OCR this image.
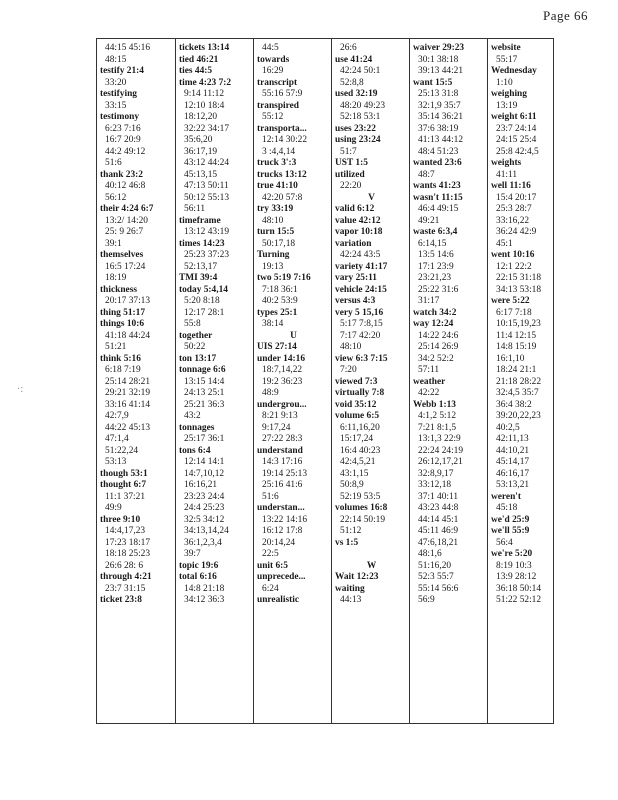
Page 66
·:
44:15 45:16
48:15
testify 21:4
33:20
testifying
33:15
testimony
6:23 7:16
16:7 20:9
44:2 49:12
51:6
thank 23:2
40:12 46:8
56:12
their 4:24 6:7
13:2/ 14:20
25: 9 26:7
39:1
themselves
16:5 17:24
18:19
thickness
20:17 37:13
thing 51:17
things 10:6
41:18 44:24
51:21
think 5:16
6:18 7:19
25:14 28:21
29:21 32:19
33:16 41:14
42:7,9
44:22 45:13
47:1,4
51:22,24
53:13
though 53:1
thought 6:7
11:1 37:21
49:9
three 9:10
14:4,17,23
17:23 18:17
18:18 25:23
26:6 28: 6
through 4:21
23:7 31:15
ticket 23:8
tickets 13:14
tied 46:21
ties 44:5
time 4:23 7:2
9:14 11:12
12:10 18:4
18:12,20
32:22 34:17
35:6,20
36:17,19
43:12 44:24
45:13,15
47:13 50:11
50:12 55:13
56:11
timeframe
13:12 43:19
times 14:23
25:23 37:23
52:13,17
TMI 39:4
today 5:4,14
5:20 8:18
12:17 28:1
55:8
together
50:22
ton 13:17
tonnage 6:6
13:15 14:4
24:13 25:1
25:21 36:3
43:2
tonnages
25:17 36:1
tons 6:4
12:14 14:1
14:7,10,12
16:16,21
23:23 24:4
24:4 25:23
32:5 34:12
34:13,14,24
36:1,2,3,4
39:7
topic 19:6
total 6:16
14:8 21:18
34:12 36:3
44:5
towards
16:29
transcript
55:16 57:9
transpired
55:12
transporta...
12:14 30:22
3 :4,4,14
truck 3':3
trucks 13:12
true 41:10
42:20 57:8
try 33:19
48:10
turn 15:5
50:17,18
Turning
19:13
two 5:19 7:16
7:18 36:1
40:2 53:9
types 25:1
38:14
U
UIS 27:14
under 14:16
18:7,14,22
19:2 36:23
48:9
undergrou...
8:21 9:13
9:17,24
27:22 28:3
understand
14:3 17:16
19:14 25:13
25:16 41:6
51:6
understan...
13:22 14:16
16:12 17:8
20:14,24
22:5
unit 6:5
unprecede...
6:24
unrealistic
26:6
use 41:24
42:24 50:1
52:8,8
used 32:19
48:20 49:23
52:18 53:1
uses 23:22
using 23:24
51:7
UST 1:5
utilized
22:20
V
valid 6:12
value 42:12
vapor 10:18
variation
42:24 43:5
variety 41:17
vary 25:11
vehicle 24:15
versus 4:3
very 5 15,16
5:17 7:8,15
7:17 42:20
48:10
view 6:3 7:15
7:20
viewed 7:3
virtually 7:8
void 35:12
volume 6:5
6:11,16,20
15:17,24
16:4 40:23
42:4,5,21
43:1,15
50:8,9
52:19 53:5
volumes 16:8
22:14 50:19
51:12
vs 1:5
W
Wait 12:23
waiting
44:13
waiver 29:23
30:1 38:18
39:13 44:21
want 15:5
25:13 31:8
32:1,9 35:7
35:14 36:21
37:6 38:19
41:13 44:12
48:4 51:23
wanted 23:6
48:7
wants 41:23
wasn't 11:15
46:4 49:15
49:21
waste 6:3,4
6:14,15
13:5 14:6
17:1 23:9
23:21,23
25:22 31:6
31:17
watch 34:2
way 12:24
14:22 24:6
25:14 26:9
34:2 52:2
57:11
weather
42:22
Webb 1:13
4:1,2 5:12
7:21 8:1,5
13:1,3 22:9
22:24 24:19
26:12,17,21
32:8,9,17
33:12,18
37:1 40:11
43:23 44:8
44:14 45:1
45:11 46:9
47:6,18,21
48:1,6
51:16,20
52:3 55:7
55:14 56:6
56:9
website
55:17
Wednesday
1:10
weighing
13:19
weight 6:11
23:7 24:14
24:15 25:4
25:8 42:4,5
weights
41:11
well 11:16
15:4 20:17
25:3 28:7
33:16,22
36:24 42:9
45:1
went 10:16
12:1 22:2
22:15 31:18
34:13 53:18
were 5:22
6:17 7:18
10:15,19,23
11:4 12:15
14:8 15:19
16:1,10
18:24 21:1
21:18 28:22
32:4,5 35:7
36:4 38:2
39:20,22,23
40:2,5
42:11,13
44:10,21
45:14,17
46:16,17
53:13,21
weren't
45:18
we'd 25:9
we'll 55:9
56:4
we're 5:20
8:19 10:3
13:9 28:12
36:18 50:14
51:22 52:12
